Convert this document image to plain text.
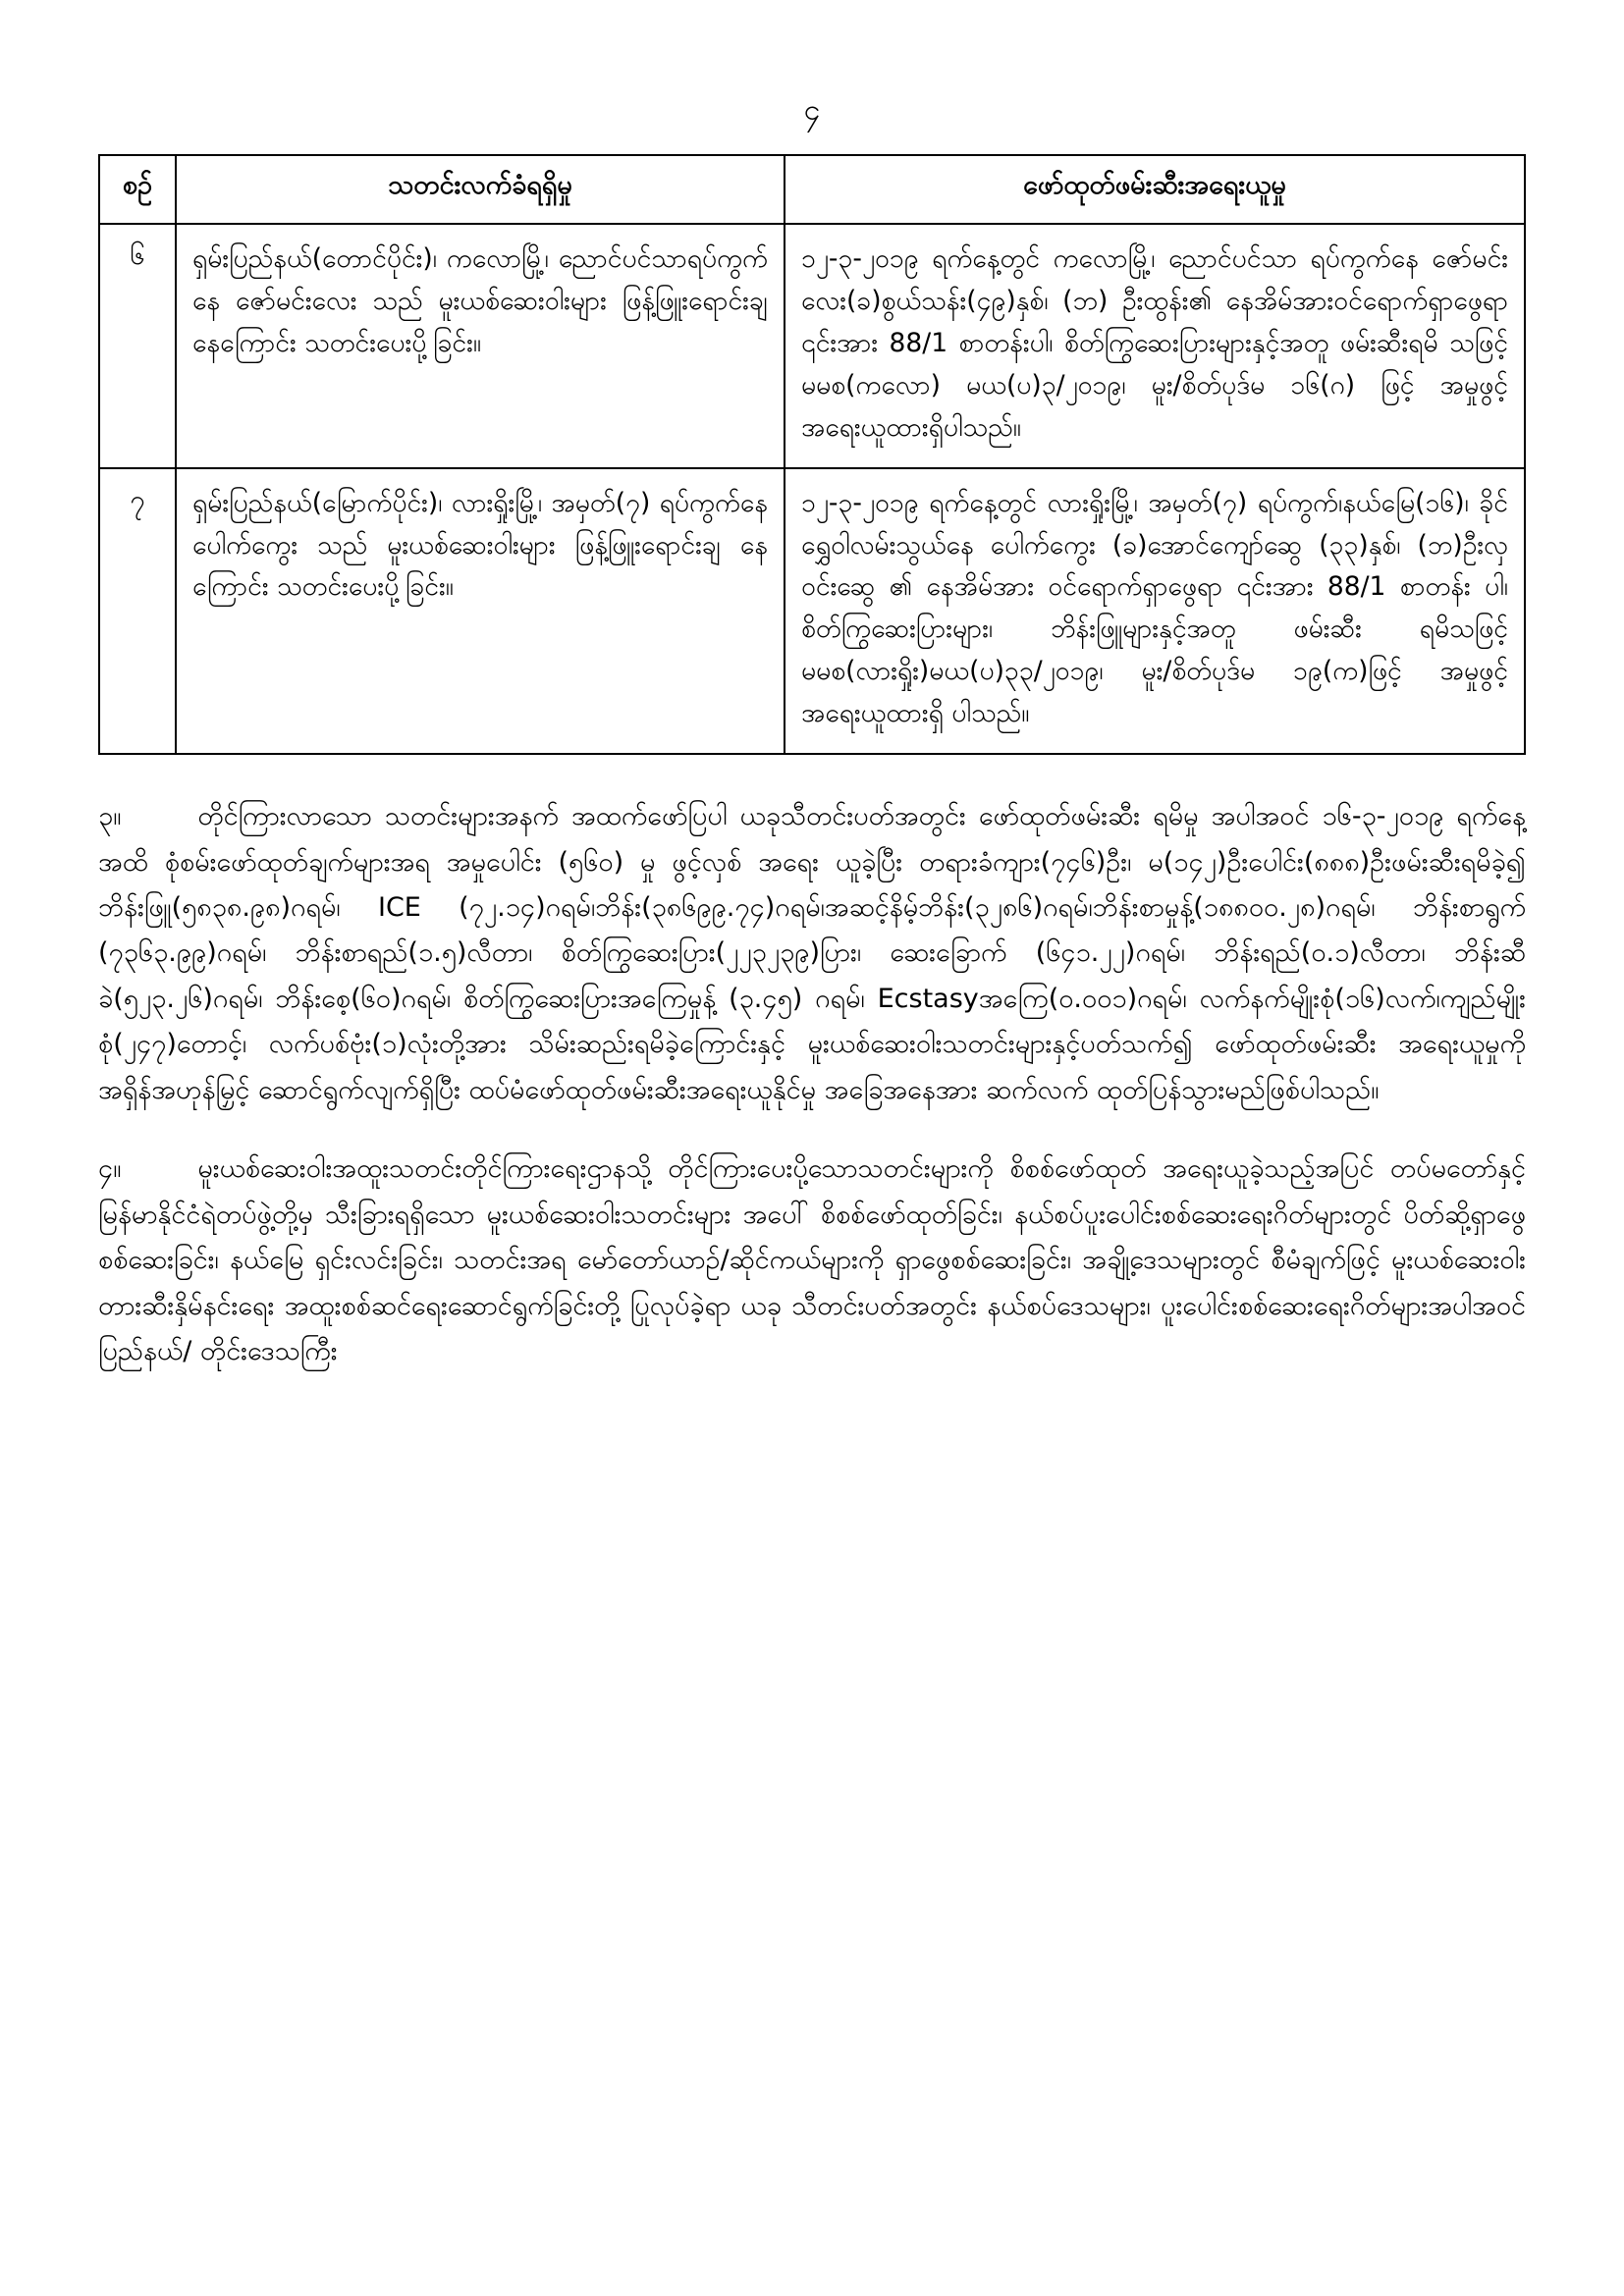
၄
စဉ်	သတင်းလက်ခံရရှိမှု	ဖော်ထုတ်ဖမ်းဆီးအရေးယူမှု
၆	ရှမ်းပြည်နယ်(တောင်ပိုင်း)၊ ကလောမြို့၊ ညောင်ပင်သာရပ်ကွက်နေ ဇော်မင်းလေး သည် မူးယစ်ဆေးဝါးများ ဖြန့်ဖြူးရောင်းချ နေကြောင်း သတင်းပေးပို့ခြင်း။	၁၂-၃-၂၀၁၉ ရက်နေ့တွင် ကလောမြို့၊ ညောင်ပင်သာ ရပ်ကွက်နေ ဇော်မင်းလေး(ခ)စွယ်သန်း(၄၉)နှစ်၊ (ဘ) ဦးထွန်း၏ နေအိမ်အားဝင်ရောက်ရှာဖွေရာ ၎င်းအား 88/1 စာတန်းပါ၊ စိတ်ကြွဆေးပြားများနှင့်အတူ ဖမ်းဆီးရမိ သဖြင့် မမစ(ကလော) မယ(ပ)၃/၂၀၁၉၊ မူး/စိတ်ပုဒ်မ ၁၆(ဂ) ဖြင့် အမှုဖွင့် အရေးယူထားရှိပါသည်။
၇	ရှမ်းပြည်နယ်(မြောက်ပိုင်း)၊ လားရှိုးမြို့၊ အမှတ်(၇) ရပ်ကွက်နေ ပေါက်ကွေး သည် မူးယစ်ဆေးဝါးများ ဖြန့်ဖြူးရောင်းချ နေကြောင်း သတင်းပေးပို့ခြင်း။	၁၂-၃-၂၀၁၉ ရက်နေ့တွင် လားရှိုးမြို့၊ အမှတ်(၇) ရပ်ကွက်၊နယ်မြေ(၁၆)၊ ခိုင်ရွှေဝါလမ်းသွယ်နေ ပေါက်ကွေး (ခ)အောင်ကျော်ဆွေ (၃၃)နှစ်၊ (ဘ)ဦးလှဝင်းဆွေ ၏ နေအိမ်အား ဝင်ရောက်ရှာဖွေရာ ၎င်းအား 88/1 စာတန်း ပါ၊ စိတ်ကြွဆေးပြားများ၊ ဘိန်းဖြူများနှင့်အတူ ဖမ်းဆီး ရမိသဖြင့် မမစ(လားရှိုး)မယ(ပ)၃၃/၂၀၁၉၊ မူး/စိတ်ပုဒ်မ ၁၉(က)ဖြင့် အမှုဖွင့် အရေးယူထားရှိ ပါသည်။
၃။	တိုင်ကြားလာသော သတင်းများအနက် အထက်ဖော်ပြပါ ယခုသီတင်းပတ်အတွင်း ဖော်ထုတ်ဖမ်းဆီး ရမိမှု အပါအဝင် ၁၆-၃-၂၀၁၉ ရက်နေ့အထိ စုံစမ်းဖော်ထုတ်ချက်များအရ အမှုပေါင်း (၅၆၀) မှု ဖွင့်လှစ် အရေး ယူခဲ့ပြီး တရားခံကျား(၇၄၆)ဦး၊ မ(၁၄၂)ဦးပေါင်း(၈၈၈)ဦးဖမ်းဆီးရမိခဲ့၍ ဘိန်းဖြူ(၅၈၃၈.၉၈)ဂရမ်၊ ICE (၇၂.၁၄)ဂရမ်၊ဘိန်း(၃၈၆၉၉.၇၄)ဂရမ်၊အဆင့်နိမ့်ဘိန်း(၃၂၈၆)ဂရမ်၊ဘိန်းစာမှုန့်(၁၈၈၀၀.၂၈)ဂရမ်၊ ဘိန်းစာရွက် (၇၃၆၃.၉၉)ဂရမ်၊ ဘိန်းစာရည်(၁.၅)လီတာ၊ စိတ်ကြွဆေးပြား(၂၂၃၂၃၉)ပြား၊ ဆေးခြောက် (၆၄၁.၂၂)ဂရမ်၊ ဘိန်းရည်(၀.၁)လီတာ၊ ဘိန်းဆီခဲ(၅၂၃.၂၆)ဂရမ်၊ ဘိန်းစေ့(၆၀)ဂရမ်၊ စိတ်ကြွဆေးပြားအကြေမှုန့် (၃.၄၅) ဂရမ်၊ Ecstasyအကြေ(၀.၀၀၁)ဂရမ်၊ လက်နက်မျိုးစုံ(၁၆)လက်၊ကျည်မျိုးစုံ(၂၄၇)တောင့်၊ လက်ပစ်ဗုံး(၁)လုံးတို့အား သိမ်းဆည်းရမိခဲ့ကြောင်းနှင့် မူးယစ်ဆေးဝါးသတင်းများနှင့်ပတ်သက်၍ ဖော်ထုတ်ဖမ်းဆီး အရေးယူမှုကို အရှိန်အဟုန်မြှင့် ဆောင်ရွက်လျက်ရှိပြီး ထပ်မံဖော်ထုတ်ဖမ်းဆီးအရေးယူနိုင်မှု အခြေအနေအား ဆက်လက် ထုတ်ပြန်သွားမည်ဖြစ်ပါသည်။
၄။	မူးယစ်ဆေးဝါးအထူးသတင်းတိုင်ကြားရေးဌာနသို့ တိုင်ကြားပေးပို့သောသတင်းများကို စိစစ်ဖော်ထုတ် အရေးယူခဲ့သည့်အပြင် တပ်မတော်နှင့် မြန်မာနိုင်ငံရဲတပ်ဖွဲ့တို့မှ သီးခြားရရှိသော မူးယစ်ဆေးဝါးသတင်းများ အပေါ် စိစစ်ဖော်ထုတ်ခြင်း၊ နယ်စပ်ပူးပေါင်းစစ်ဆေးရေးဂိတ်များတွင် ပိတ်ဆို့ရှာဖွေစစ်ဆေးခြင်း၊ နယ်မြေ ရှင်းလင်းခြင်း၊ သတင်းအရ မော်တော်ယာဉ်/ဆိုင်ကယ်များကို ရှာဖွေစစ်ဆေးခြင်း၊ အချို့ဒေသများတွင် စီမံချက်ဖြင့် မူးယစ်ဆေးဝါးတားဆီးနှိမ်နင်းရေး အထူးစစ်ဆင်ရေးဆောင်ရွက်ခြင်းတို့ ပြုလုပ်ခဲ့ရာ ယခု သီတင်းပတ်အတွင်း နယ်စပ်ဒေသများ၊ ပူးပေါင်းစစ်ဆေးရေးဂိတ်များအပါအဝင် ပြည်နယ်/ တိုင်းဒေသကြီး
